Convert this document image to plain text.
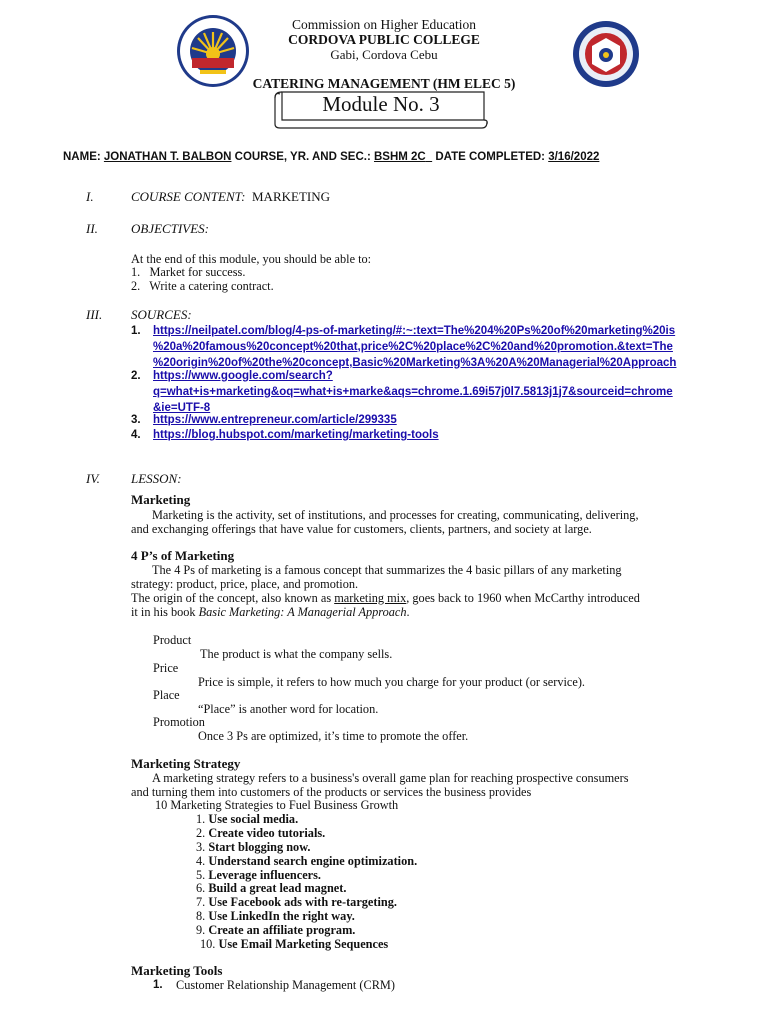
Commission on Higher Education
CORDOVA PUBLIC COLLEGE
Gabi, Cordova Cebu
CATERING MANAGEMENT (HM ELEC 5)
Module No. 3
NAME: JONATHAN T. BALBON COURSE, YR. AND SEC.: BSHM 2C DATE COMPLETED: 3/16/2022
I.	COURSE CONTENT: MARKETING
II.	OBJECTIVES:
At the end of this module, you should be able to:
1.   Market for success.
2.   Write a catering contract.
III. SOURCES:
1. https://neilpatel.com/blog/4-ps-of-marketing/#:~:text=The%204%20Ps%20of%20marketing%20is
%20a%20famous%20concept%20that,price%2C%20place%2C%20and%20promotion.&text=The
%20origin%20of%20the%20concept,Basic%20Marketing%3A%20A%20Managerial%20Approach
2. https://www.google.com/search?
q=what+is+marketing&oq=what+is+marke&aqs=chrome.1.69i57j0l7.5813j1j7&sourceid=chrome
&ie=UTF-8
3. https://www.entrepreneur.com/article/299335
4. https://blog.hubspot.com/marketing/marketing-tools
IV. LESSON:
Marketing
Marketing is the activity, set of institutions, and processes for creating, communicating, delivering,
and exchanging offerings that have value for customers, clients, partners, and society at large.
4 P’s of Marketing
The 4 Ps of marketing is a famous concept that summarizes the 4 basic pillars of any marketing
strategy: product, price, place, and promotion.
The origin of the concept, also known as marketing mix, goes back to 1960 when McCarthy introduced
it in his book Basic Marketing: A Managerial Approach.
Product
The product is what the company sells.
Price
Price is simple, it refers to how much you charge for your product (or service).
Place
“Place” is another word for location.
Promotion
Once 3 Ps are optimized, it’s time to promote the offer.
Marketing Strategy
A marketing strategy refers to a business's overall game plan for reaching prospective consumers
and turning them into customers of the products or services the business provides
10 Marketing Strategies to Fuel Business Growth
1. Use social media.
2. Create video tutorials.
3. Start blogging now.
4. Understand search engine optimization.
5. Leverage influencers.
6. Build a great lead magnet.
7. Use Facebook ads with re-targeting.
8. Use LinkedIn the right way.
9. Create an affiliate program.
10. Use Email Marketing Sequences
Marketing Tools
1. Customer Relationship Management (CRM)
